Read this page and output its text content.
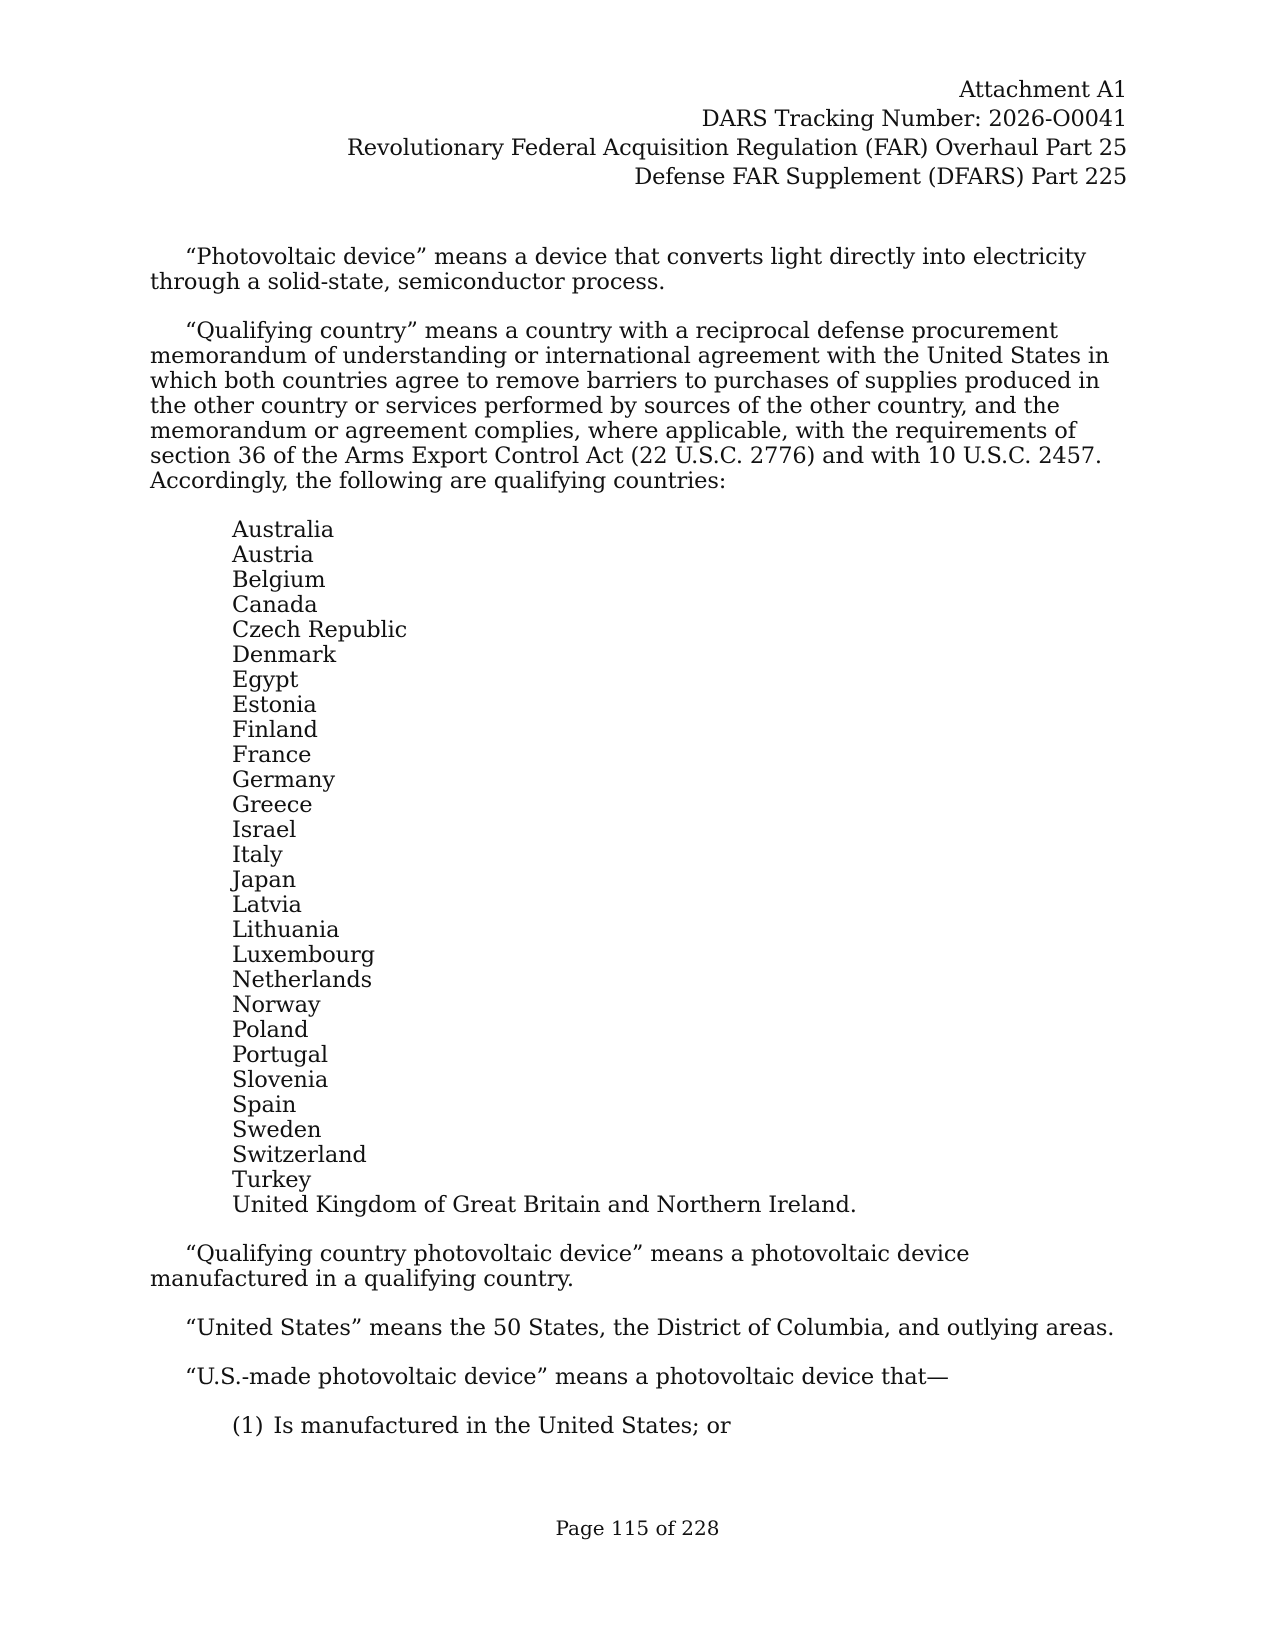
Attachment A1
DARS Tracking Number: 2026-O0041
Revolutionary Federal Acquisition Regulation (FAR) Overhaul Part 25
Defense FAR Supplement (DFARS) Part 225

“Photovoltaic device” means a device that converts light directly into electricity through a solid-state, semiconductor process.

“Qualifying country” means a country with a reciprocal defense procurement memorandum of understanding or international agreement with the United States in which both countries agree to remove barriers to purchases of supplies produced in the other country or services performed by sources of the other country, and the memorandum or agreement complies, where applicable, with the requirements of section 36 of the Arms Export Control Act (22 U.S.C. 2776) and with 10 U.S.C. 2457. Accordingly, the following are qualifying countries:

Australia
Austria
Belgium
Canada
Czech Republic
Denmark
Egypt
Estonia
Finland
France
Germany
Greece
Israel
Italy
Japan
Latvia
Lithuania
Luxembourg
Netherlands
Norway
Poland
Portugal
Slovenia
Spain
Sweden
Switzerland
Turkey
United Kingdom of Great Britain and Northern Ireland.

“Qualifying country photovoltaic device” means a photovoltaic device manufactured in a qualifying country.

“United States” means the 50 States, the District of Columbia, and outlying areas.

“U.S.-made photovoltaic device” means a photovoltaic device that—

(1) Is manufactured in the United States; or
Page 115 of 228
